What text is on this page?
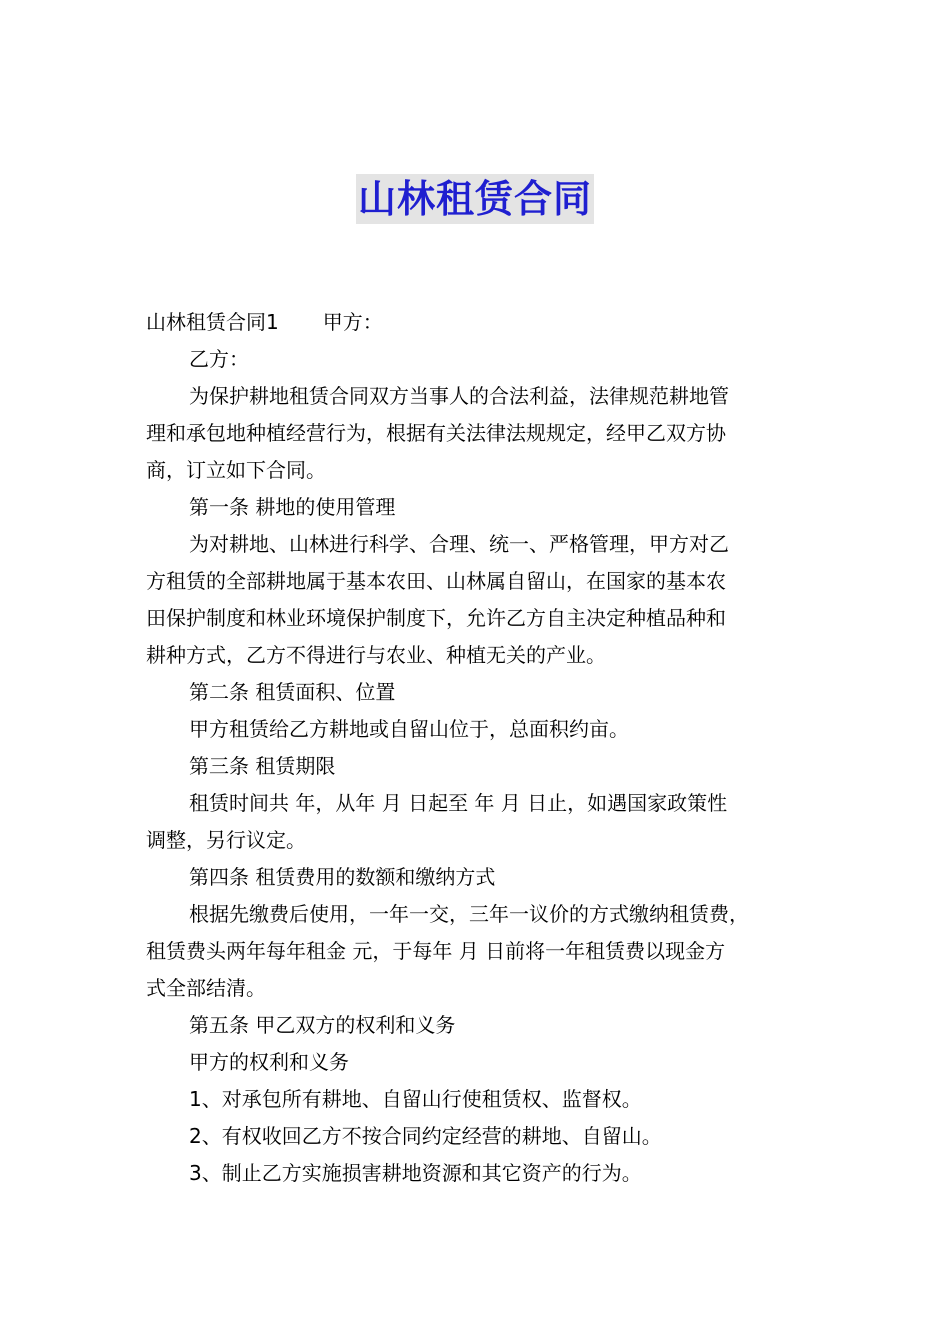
山林租赁合同
山林租赁合同1 甲方：
乙方：
为保护耕地租赁合同双方当事人的合法利益，法律规范耕地管
理和承包地种植经营行为，根据有关法律法规规定，经甲乙双方协
商，订立如下合同。
第一条 耕地的使用管理
为对耕地、山林进行科学、合理、统一、严格管理，甲方对乙
方租赁的全部耕地属于基本农田、山林属自留山，在国家的基本农
田保护制度和林业环境保护制度下，允许乙方自主决定种植品种和
耕种方式，乙方不得进行与农业、种植无关的产业。
第二条 租赁面积、位置
甲方租赁给乙方耕地或自留山位于，总面积约亩。
第三条 租赁期限
租赁时间共 年，从年 月 日起至 年 月 日止，如遇国家政策性
调整，另行议定。
第四条 租赁费用的数额和缴纳方式
根据先缴费后使用，一年一交，三年一议价的方式缴纳租赁费，
租赁费头两年每年租金 元，于每年 月 日前将一年租赁费以现金方
式全部结清。
第五条 甲乙双方的权利和义务
甲方的权利和义务
1、对承包所有耕地、自留山行使租赁权、监督权。
2、有权收回乙方不按合同约定经营的耕地、自留山。
3、制止乙方实施损害耕地资源和其它资产的行为。
